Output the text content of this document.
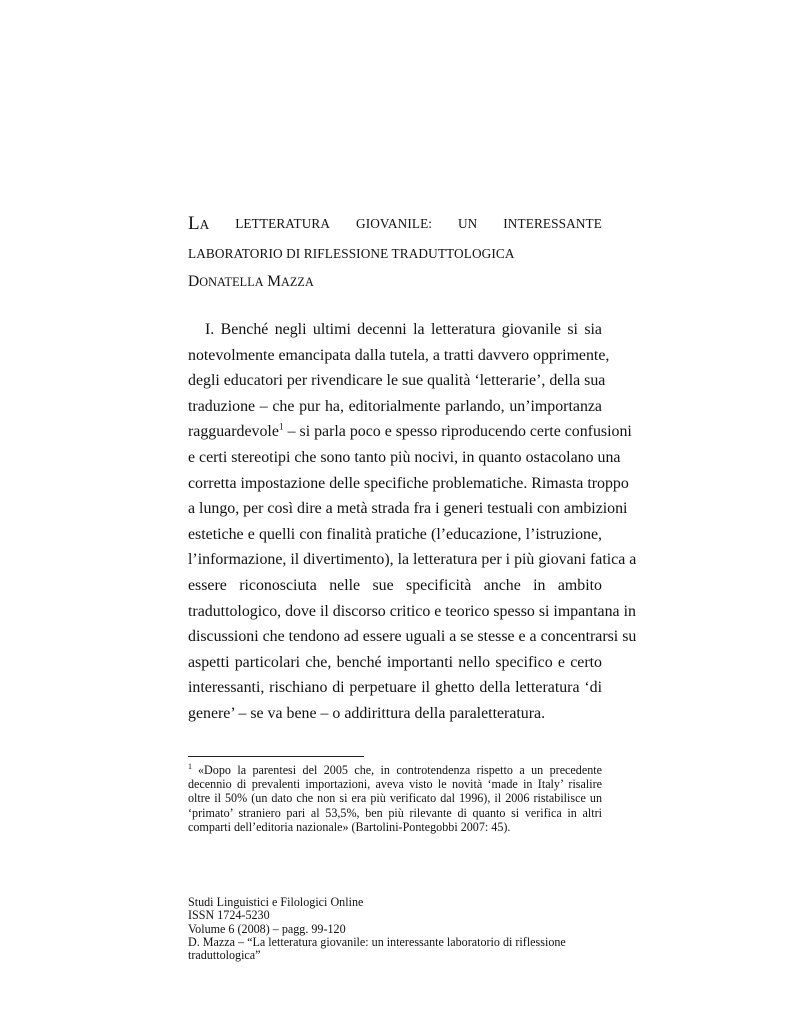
LA LETTERATURA GIOVANILE: UN INTERESSANTE
LABORATORIO DI RIFLESSIONE TRADUTTOLOGICA
DONATELLA MAZZA
I. Benché negli ultimi decenni la letteratura giovanile si sia
notevolmente emancipata dalla tutela, a tratti davvero opprimente,
degli educatori per rivendicare le sue qualità ‘letterarie’, della sua
traduzione – che pur ha, editorialmente parlando, un’importanza
ragguardevole$^1$ – si parla poco e spesso riproducendo certe confusioni
e certi stereotipi che sono tanto più nocivi, in quanto ostacolano una
corretta impostazione delle specifiche problematiche. Rimasta troppo
a lungo, per così dire a metà strada fra i generi testuali con ambizioni
estetiche e quelli con finalità pratiche (l’educazione, l’istruzione,
l’informazione, il divertimento), la letteratura per i più giovani fatica a
essere riconosciuta nelle sue specificità anche in ambito
traduttologico, dove il discorso critico e teorico spesso si impantana in
discussioni che tendono ad essere uguali a se stesse e a concentrarsi su
aspetti particolari che, benché importanti nello specifico e certo
interessanti, rischiano di perpetuare il ghetto della letteratura ‘di
genere’ – se va bene – o addirittura della paraletteratura.
$^1$ «Dopo la parentesi del 2005 che, in controtendenza rispetto a un precedente
decennio di prevalenti importazioni, aveva visto le novità ‘made in Italy’ risalire
oltre il 50% (un dato che non si era più verificato dal 1996), il 2006 ristabilisce un
‘primato’ straniero pari al 53,5%, ben più rilevante di quanto si verifica in altri
comparti dell’editoria nazionale» (Bartolini-Pontegobbi 2007: 45).
Studi Linguistici e Filologici Online
ISSN 1724-5230
Volume 6 (2008) – pagg. 99-120
D. Mazza – “La letteratura giovanile: un interessante laboratorio di riflessione
traduttologica”
